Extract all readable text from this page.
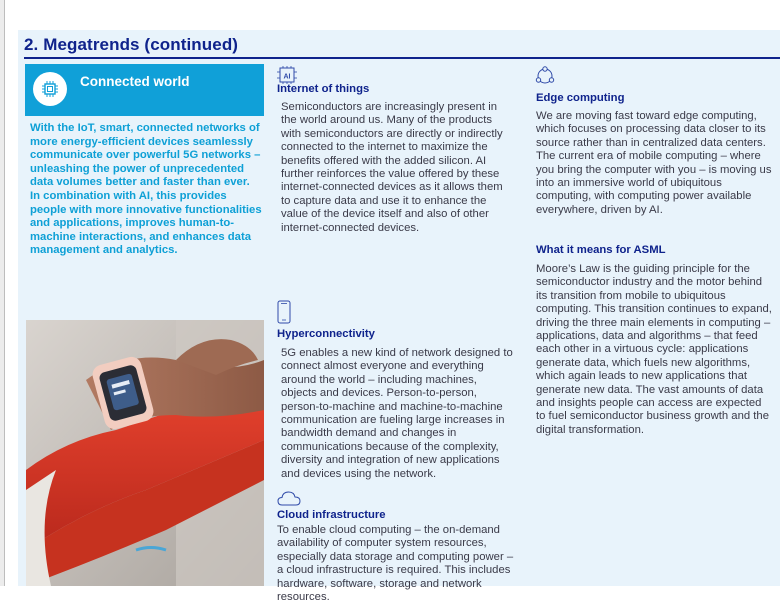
2. Megatrends (continued)
Connected world
With the IoT, smart, connected networks of more energy-efficient devices seamlessly communicate over powerful 5G networks – unleashing the power of unprecedented data volumes better and faster than ever. In combination with AI, this provides people with more innovative functionalities and applications, improves human-to-machine interactions, and enhances data management and analytics.
AI
Internet of things
Semiconductors are increasingly present in the world around us. Many of the products with semiconductors are directly or indirectly connected to the internet to maximize the benefits offered with the added silicon. AI further reinforces the value offered by these internet-connected devices as it allows them to capture data and use it to enhance the value of the device itself and also of other internet-connected devices.
Hyperconnectivity
5G enables a new kind of network designed to connect almost everyone and everything around the world – including machines, objects and devices. Person-to-person, person-to-machine and machine-to-machine communication are fueling large increases in bandwidth demand and changes in communications because of the complexity, diversity and integration of new applications and devices using the network.
Cloud infrastructure
To enable cloud computing – the on-demand availability of computer system resources, especially data storage and computing power – a cloud infrastructure is required. This includes hardware, software, storage and network resources.
Edge computing
We are moving fast toward edge computing, which focuses on processing data closer to its source rather than in centralized data centers. The current era of mobile computing – where you bring the computer with you – is moving us into an immersive world of ubiquitous computing, with computing power available everywhere, driven by AI.
What it means for ASML
Moore’s Law is the guiding principle for the semiconductor industry and the motor behind its transition from mobile to ubiquitous computing. This transition continues to expand, driving the three main elements in computing – applications, data and algorithms – that feed each other in a virtuous cycle: applications generate data, which fuels new algorithms, which again leads to new applications that generate new data. The vast amounts of data and insights people can access are expected to fuel semiconductor business growth and the digital transformation.
